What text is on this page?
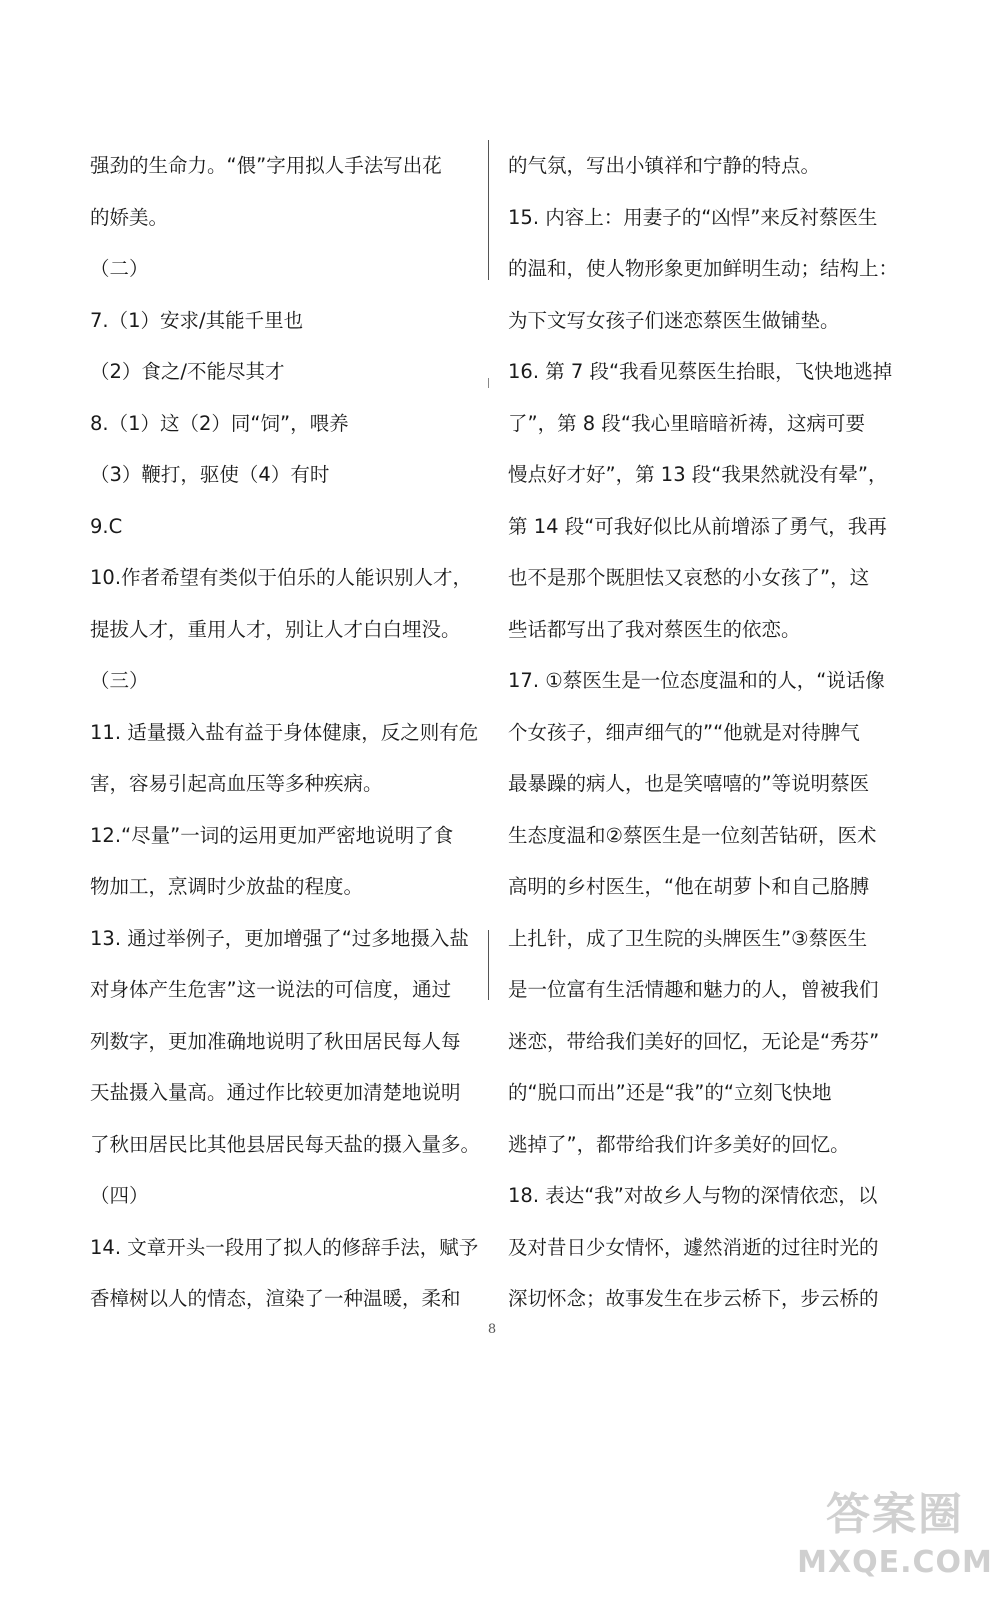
强劲的生命力。“偎”字用拟人手法写出花
的娇美。
（二）
7.（1）安求/其能千里也
（2）食之/不能尽其才
8.（1）这（2）同“饲”，喂养
（3）鞭打，驱使（4）有时
9.C
10.作者希望有类似于伯乐的人能识别人才，
提拔人才，重用人才，别让人才白白埋没。
（三）
11. 适量摄入盐有益于身体健康，反之则有危
害，容易引起高血压等多种疾病。
12.“尽量”一词的运用更加严密地说明了食
物加工，烹调时少放盐的程度。
13. 通过举例子，更加增强了“过多地摄入盐
对身体产生危害”这一说法的可信度，通过
列数字，更加准确地说明了秋田居民每人每
天盐摄入量高。通过作比较更加清楚地说明
了秋田居民比其他县居民每天盐的摄入量多。
（四）
14. 文章开头一段用了拟人的修辞手法，赋予
香樟树以人的情态，渲染了一种温暖，柔和
的气氛，写出小镇祥和宁静的特点。
15. 内容上：用妻子的“凶悍”来反衬蔡医生
的温和，使人物形象更加鲜明生动；结构上：
为下文写女孩子们迷恋蔡医生做铺垫。
16. 第 7 段“我看见蔡医生抬眼，飞快地逃掉
了”，第 8 段“我心里暗暗祈祷，这病可要
慢点好才好”，第 13 段“我果然就没有晕”，
第 14 段“可我好似比从前增添了勇气，我再
也不是那个既胆怯又哀愁的小女孩了”，这
些话都写出了我对蔡医生的依恋。
17. ①蔡医生是一位态度温和的人，“说话像
个女孩子，细声细气的”“他就是对待脾气
最暴躁的病人，也是笑嘻嘻的”等说明蔡医
生态度温和②蔡医生是一位刻苦钻研，医术
高明的乡村医生，“他在胡萝卜和自己胳膊
上扎针，成了卫生院的头牌医生”③蔡医生
是一位富有生活情趣和魅力的人，曾被我们
迷恋，带给我们美好的回忆，无论是“秀芬”
的“脱口而出”还是“我”的“立刻飞快地
逃掉了”，都带给我们许多美好的回忆。
18. 表达“我”对故乡人与物的深情依恋，以
及对昔日少女情怀，遽然消逝的过往时光的
深切怀念；故事发生在步云桥下，步云桥的
8
答案圈
MXQE.COM
